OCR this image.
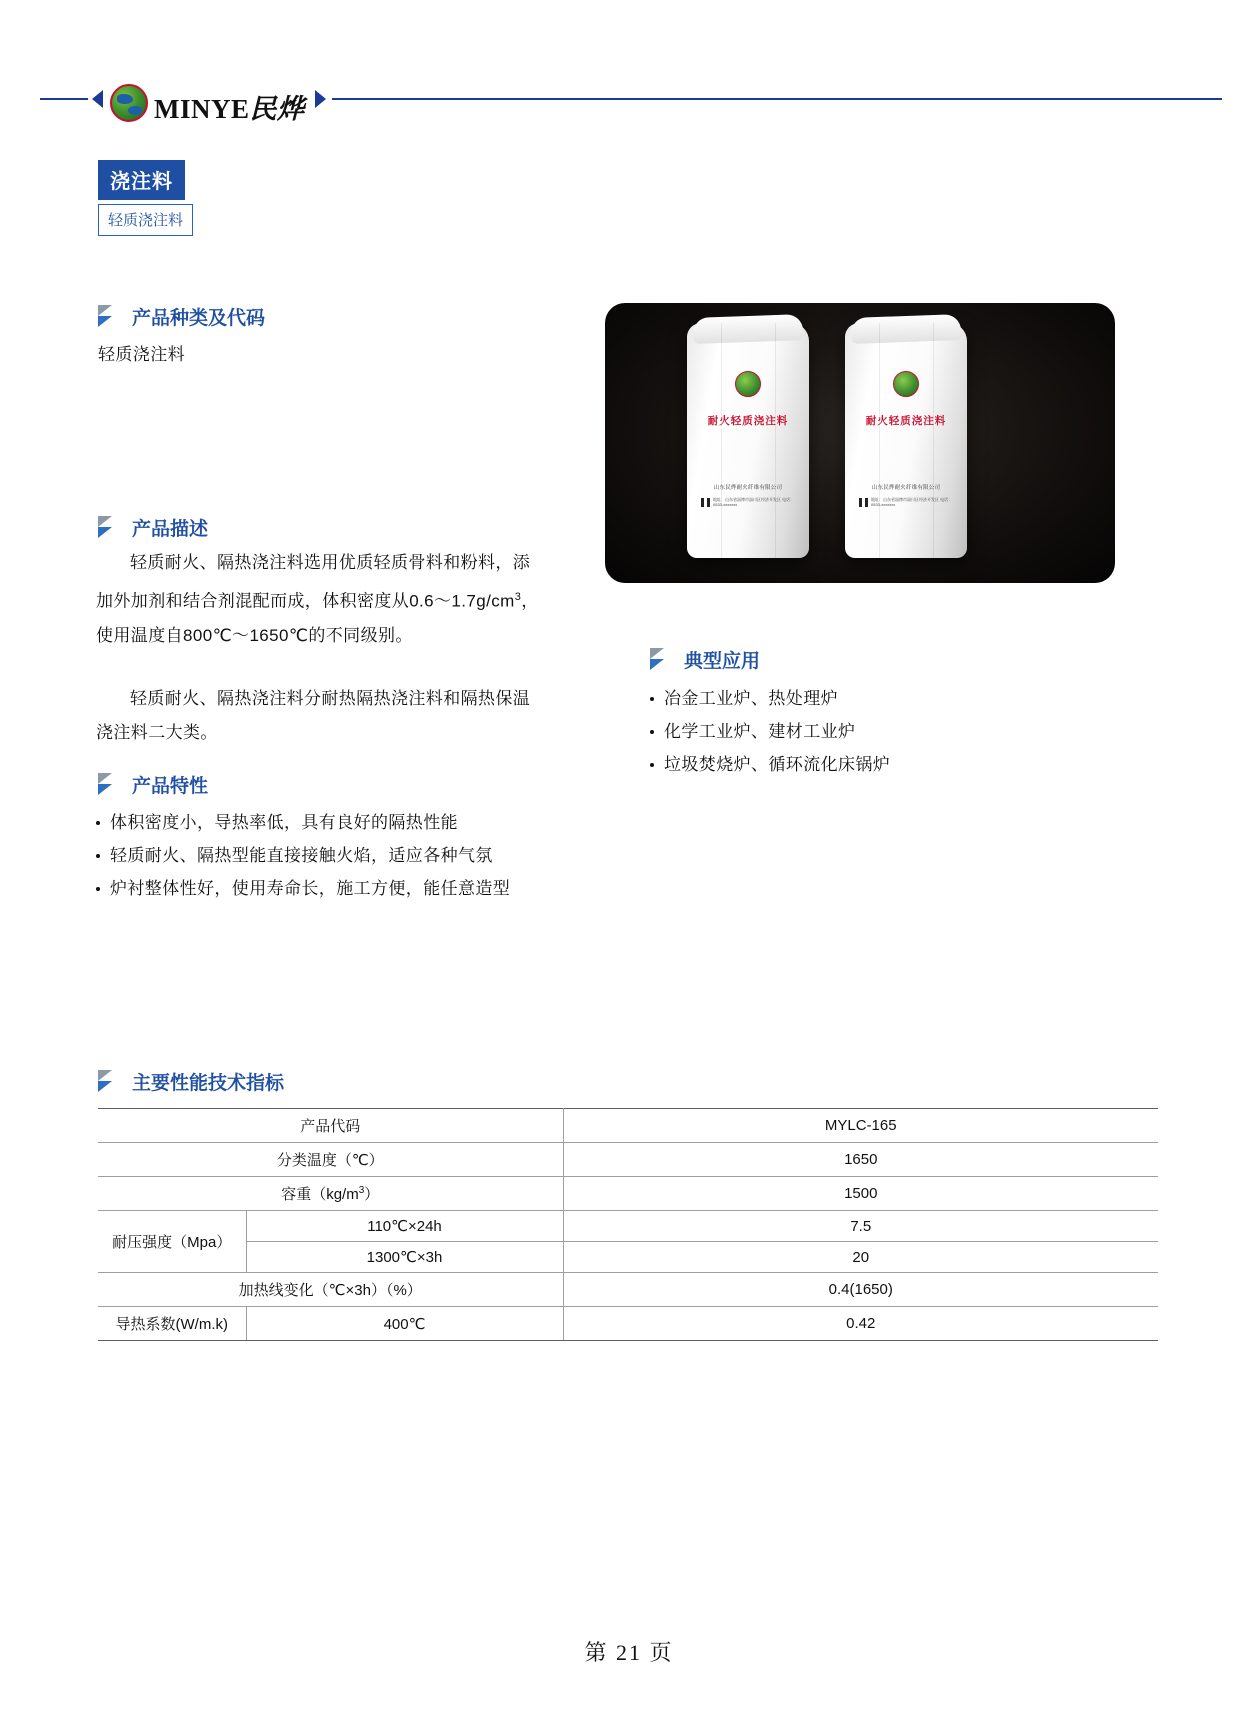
MINYE民烨
浇注料
轻质浇注料
产品种类及代码
轻质浇注料
产品描述
轻质耐火、隔热浇注料选用优质轻质骨料和粉料，添加外加剂和结合剂混配而成，体积密度从$0.6\sim 1.7g/cm^3$，使用温度自800℃～1650℃的不同级别。
轻质耐火、隔热浇注料分耐热隔热浇注料和隔热保温浇注料二大类。
产品特性
体积密度小，导热率低，具有良好的隔热性能
轻质耐火、隔热型能直接接触火焰，适应各种气氛
炉衬整体性好，使用寿命长，施工方便，能任意造型
耐火轻质浇注料
山东民烨耐火纤维有限公司
地址：山东省淄博市淄川区经济开发区 电话：0533-xxxxxxx
耐火轻质浇注料
山东民烨耐火纤维有限公司
地址：山东省淄博市淄川区经济开发区 电话：0533-xxxxxxx
典型应用
冶金工业炉、热处理炉
化学工业炉、建材工业炉
垃圾焚烧炉、循环流化床锅炉
主要性能技术指标
产品代码		MYLC-165
分类温度（℃）		1650
容重$(kg/m^3)$		1500
耐压强度（Mpa）	110℃×24h	7.5
	1300℃×3h	20
加热线变化（℃×3h）（%）		0.4(1650)
导热系数(W/m.k)	400℃	0.42
第 21 页
